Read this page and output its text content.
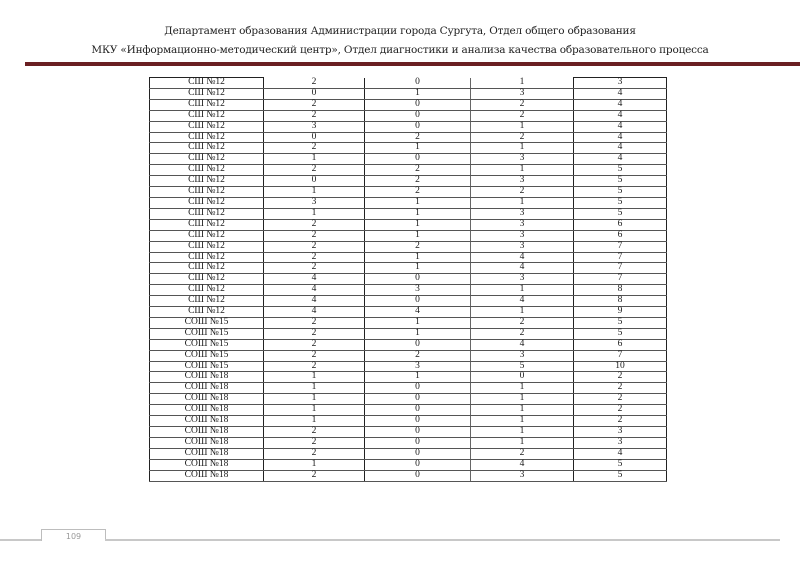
Департамент образования Администрации города Сургута, Отдел общего образования
МКУ «Информационно-методический центр», Отдел диагностики и анализа качества образовательного процесса
СШ №12	2	0	1	3
СШ №12	0	1	3	4
СШ №12	2	0	2	4
СШ №12	2	0	2	4
СШ №12	3	0	1	4
СШ №12	0	2	2	4
СШ №12	2	1	1	4
СШ №12	1	0	3	4
СШ №12	2	2	1	5
СШ №12	0	2	3	5
СШ №12	1	2	2	5
СШ №12	3	1	1	5
СШ №12	1	1	3	5
СШ №12	2	1	3	6
СШ №12	2	1	3	6
СШ №12	2	2	3	7
СШ №12	2	1	4	7
СШ №12	2	1	4	7
СШ №12	4	0	3	7
СШ №12	4	3	1	8
СШ №12	4	0	4	8
СШ №12	4	4	1	9
СОШ №15	2	1	2	5
СОШ №15	2	1	2	5
СОШ №15	2	0	4	6
СОШ №15	2	2	3	7
СОШ №15	2	3	5	10
СОШ №18	1	1	0	2
СОШ №18	1	0	1	2
СОШ №18	1	0	1	2
СОШ №18	1	0	1	2
СОШ №18	1	0	1	2
СОШ №18	2	0	1	3
СОШ №18	2	0	1	3
СОШ №18	2	0	2	4
СОШ №18	1	0	4	5
СОШ №18	2	0	3	5
109
